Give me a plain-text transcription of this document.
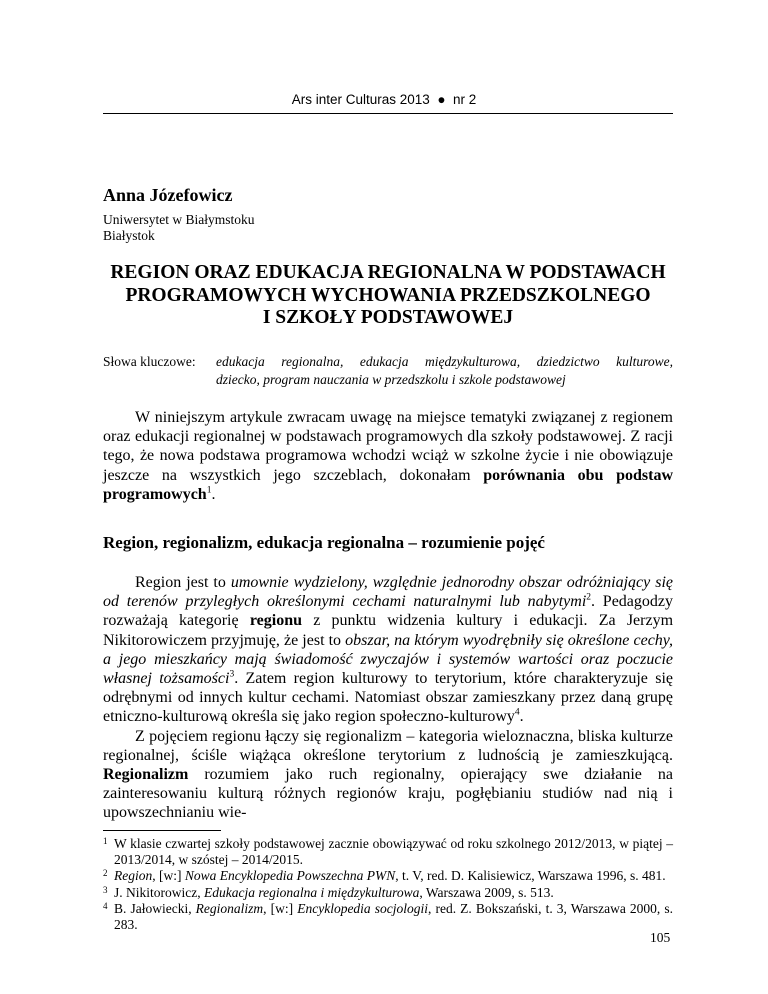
Ars inter Culturas 2013 ● nr 2
Anna Józefowicz
Uniwersytet w Białymstoku
Białystok
REGION ORAZ EDUKACJA REGIONALNA W PODSTAWACH
PROGRAMOWYCH WYCHOWANIA PRZEDSZKOLNEGO
I SZKOŁY PODSTAWOWEJ
Słowa kluczowe: edukacja regionalna, edukacja międzykulturowa, dziedzictwo kulturowe,
dziecko, program nauczania w przedszkolu i szkole podstawowej

W niniejszym artykule zwracam uwagę na miejsce tematyki związanej z regionem oraz edukacji regionalnej w podstawach programowych dla szkoły podstawowej. Z racji tego, że nowa podstawa programowa wchodzi wciąż w szkolne życie i nie obowiązuje jeszcze na wszystkich jego szczeblach, dokonałam porównania obu podstaw programowych$^1$.

Region, regionalizm, edukacja regionalna – rozumienie pojęć

Region jest to umownie wydzielony, względnie jednorodny obszar odróżniający się od terenów przyległych określonymi cechami naturalnymi lub nabytymi$^2$. Pedagodzy rozważają kategorię regionu z punktu widzenia kultury i edukacji. Za Jerzym Nikitorowiczem przyjmuję, że jest to obszar, na którym wyodrębniły się określone cechy, a jego mieszkańcy mają świadomość zwyczajów i systemów wartości oraz poczucie własnej tożsamości$^3$. Zatem region kulturowy to terytorium, które charakteryzuje się odrębnymi od innych kultur cechami. Natomiast obszar zamieszkany przez daną grupę etniczno-kulturową określa się jako region społeczno-kulturowy$^4$.

Z pojęciem regionu łączy się regionalizm – kategoria wieloznaczna, bliska kulturze regionalnej, ściśle wiążąca określone terytorium z ludnością je zamieszkującą. Regionalizm rozumiem jako ruch regionalny, opierający swe działanie na zainteresowaniu kulturą różnych regionów kraju, pogłębianiu studiów nad nią i upowszechnianiu wie-

1 W klasie czwartej szkoły podstawowej zacznie obowiązywać od roku szkolnego 2012/2013, w piątej – 2013/2014, w szóstej – 2014/2015.
2 Region, [w:] Nowa Encyklopedia Powszechna PWN, t. V, red. D. Kalisiewicz, Warszawa 1996, s. 481.
3 J. Nikitorowicz, Edukacja regionalna i międzykulturowa, Warszawa 2009, s. 513.
4 B. Jałowiecki, Regionalizm, [w:] Encyklopedia socjologii, red. Z. Bokszański, t. 3, Warszawa 2000, s. 283.
105
